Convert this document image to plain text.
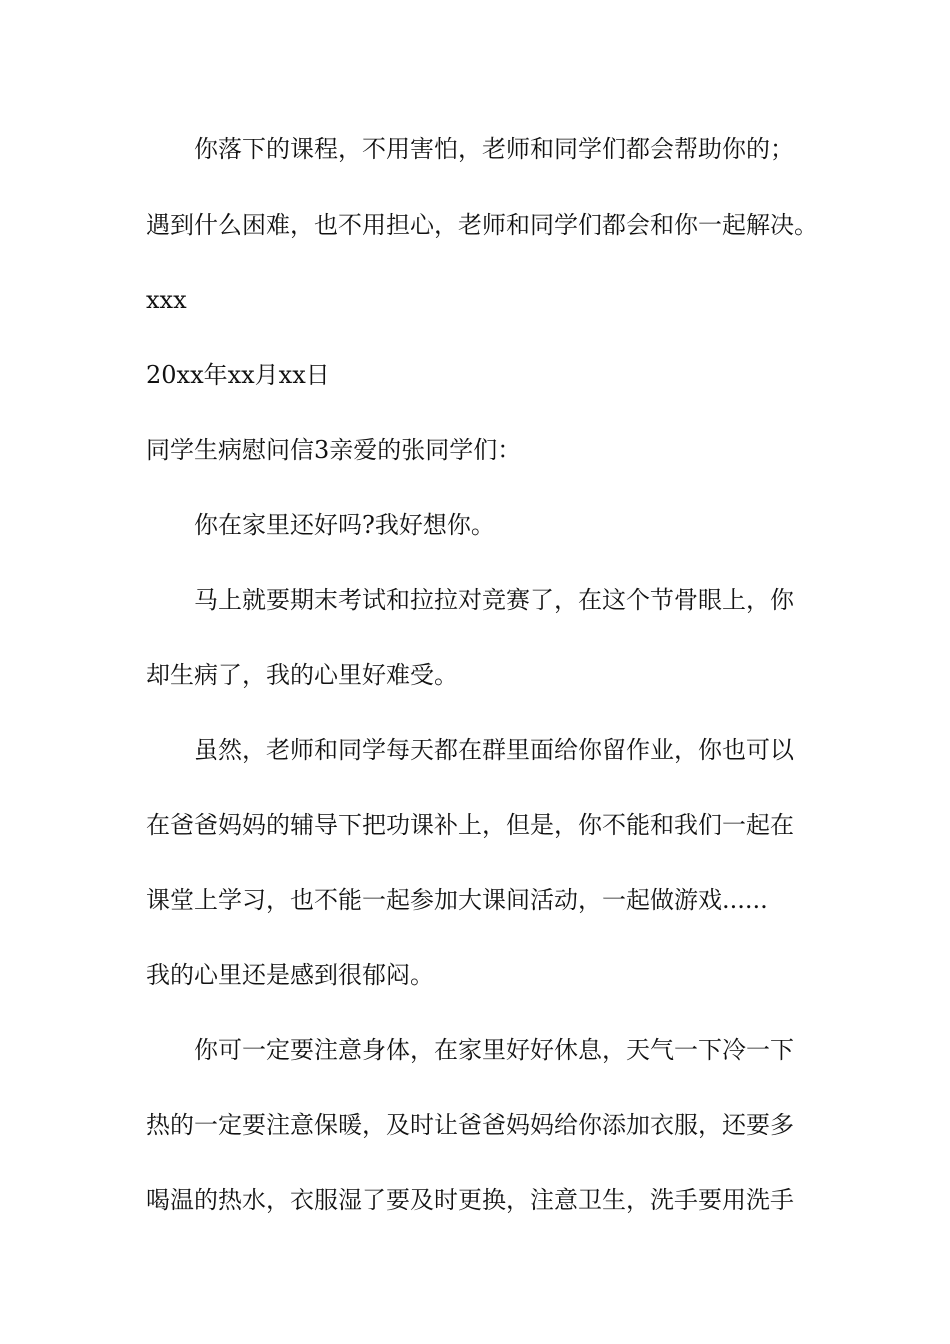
你落下的课程，不用害怕，老师和同学们都会帮助你的；
遇到什么困难，也不用担心，老师和同学们都会和你一起解决。
xxx
20xx年xx月xx日
同学生病慰问信3亲爱的张同学们：
你在家里还好吗?我好想你。
马上就要期末考试和拉拉对竞赛了，在这个节骨眼上，你
却生病了，我的心里好难受。
虽然，老师和同学每天都在群里面给你留作业，你也可以
在爸爸妈妈的辅导下把功课补上，但是，你不能和我们一起在
课堂上学习，也不能一起参加大课间活动，一起做游戏......
我的心里还是感到很郁闷。
你可一定要注意身体，在家里好好休息，天气一下冷一下
热的一定要注意保暖，及时让爸爸妈妈给你添加衣服，还要多
喝温的热水，衣服湿了要及时更换，注意卫生，洗手要用洗手
